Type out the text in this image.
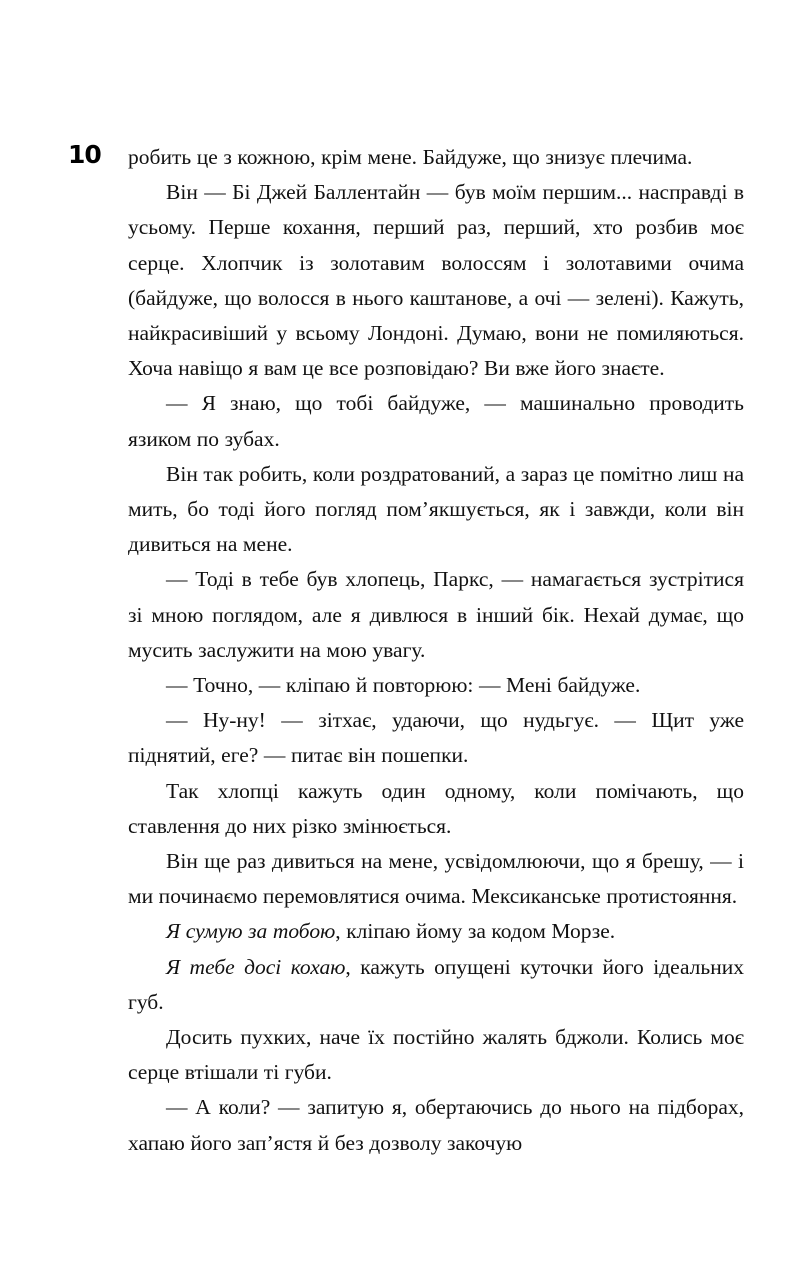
10	робить це з кожною, крім мене. Байдуже, що знизує плечима.

Він — Бі Джей Баллентайн — був моїм першим... насправді в усьому. Перше кохання, перший раз, перший, хто розбив моє серце. Хлопчик із золотавим волоссям і золотавими очима (байдуже, що волосся в нього каштанове, а очі — зелені). Кажуть, найкрасивіший у всьому Лондоні. Думаю, вони не помиляються. Хоча навіщо я вам це все розповідаю? Ви вже його знаєте.

— Я знаю, що тобі байдуже, — машинально проводить язиком по зубах.

Він так робить, коли роздратований, а зараз це помітно лиш на мить, бо тоді його погляд пом’якшується, як і завжди, коли він дивиться на мене.

— Тоді в тебе був хлопець, Паркс, — намагається зустрітися зі мною поглядом, але я дивлюся в інший бік. Нехай думає, що мусить заслужити на мою увагу.

— Точно, — кліпаю й повторюю: — Мені байдуже.

— Ну-ну! — зітхає, удаючи, що нудьгує. — Щит уже піднятий, еге? — питає він пошепки.

Так хлопці кажуть один одному, коли помічають, що ставлення до них різко змінюється.

Він ще раз дивиться на мене, усвідомлюючи, що я брешу, — і ми починаємо перемовлятися очима. Мексиканське протистояння.

Я сумую за тобою, кліпаю йому за кодом Морзе.

Я тебе досі кохаю, кажуть опущені куточки його ідеальних губ.

Досить пухких, наче їх постійно жалять бджоли. Колись моє серце втішали ті губи.

— А коли? — запитую я, обертаючись до нього на підборах, хапаю його зап’ястя й без дозволу закочую
